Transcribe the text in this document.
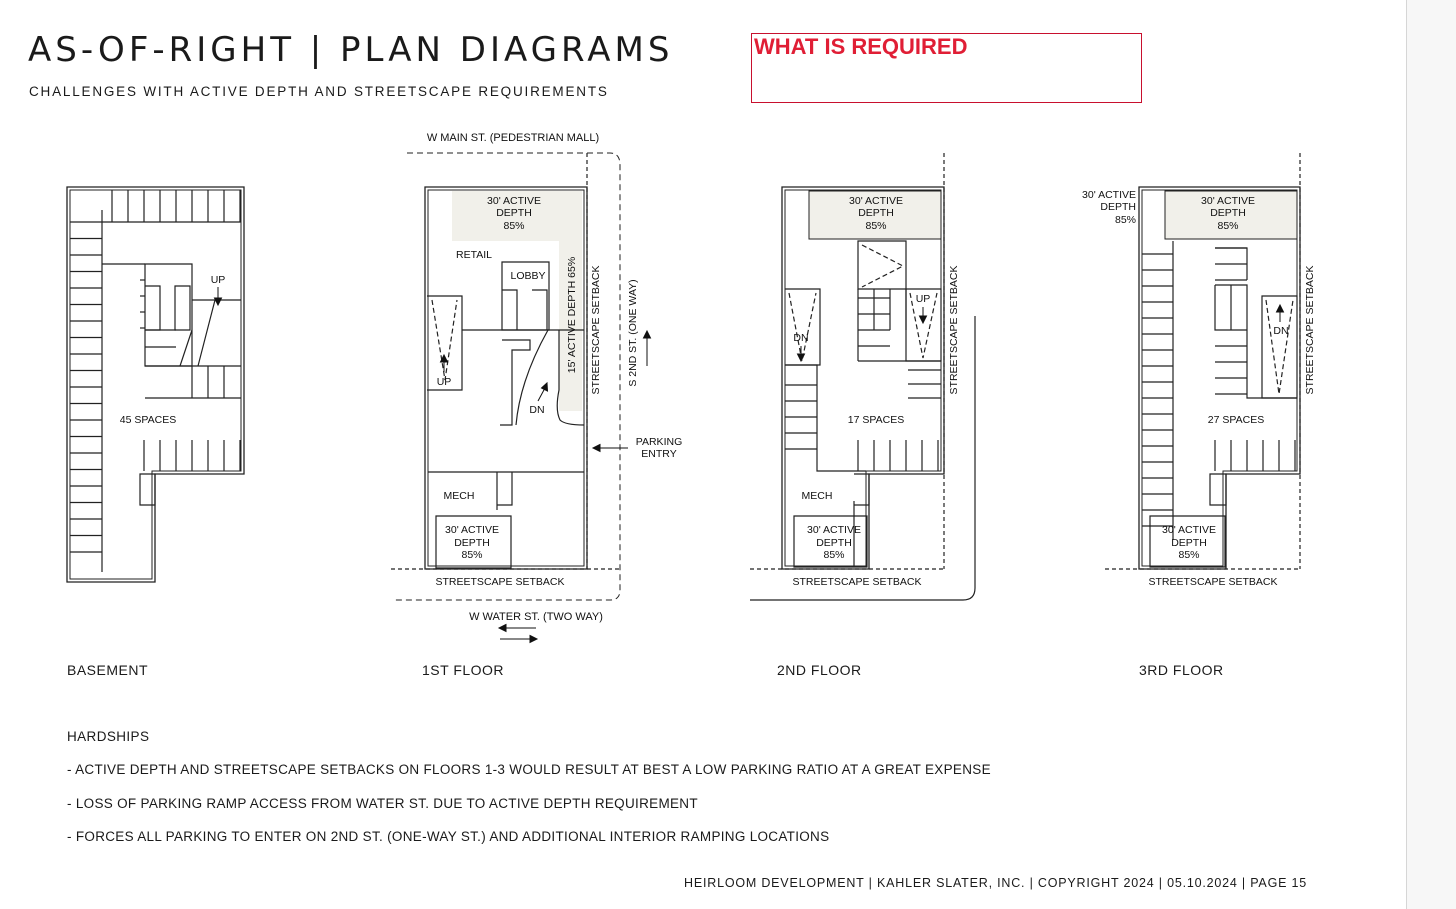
AS-OF-RIGHT | PLAN DIAGRAMS
CHALLENGES WITH ACTIVE DEPTH AND STREETSCAPE REQUIREMENTS
WHAT IS REQUIRED
45 SPACES
UP
W MAIN ST. (PEDESTRIAN MALL)
30' ACTIVE
DEPTH
85%
RETAIL
LOBBY
UP
DN
MECH
30' ACTIVE
DEPTH
85%
STREETSCAPE SETBACK
W WATER ST. (TWO WAY)
PARKING
ENTRY
15' ACTIVE DEPTH 65% STREETSCAPE SETBACK S 2ND ST. (ONE WAY)
30' ACTIVE
DEPTH
85%
DN
UP
17 SPACES
MECH
30' ACTIVE
DEPTH
85%
STREETSCAPE SETBACK
STREETSCAPE SETBACK
30' ACTIVE
DEPTH
85%
30' ACTIVE
DEPTH
85%
DN
27 SPACES
30' ACTIVE
DEPTH
85%
STREETSCAPE SETBACK
STREETSCAPE SETBACK
BASEMENT	1ST FLOOR	2ND FLOOR	3RD FLOOR
HARDSHIPS
- ACTIVE DEPTH AND STREETSCAPE SETBACKS ON FLOORS 1-3 WOULD RESULT AT BEST A LOW PARKING RATIO AT A GREAT EXPENSE
- LOSS OF PARKING RAMP ACCESS FROM WATER ST. DUE TO ACTIVE DEPTH REQUIREMENT
- FORCES ALL PARKING TO ENTER ON 2ND ST. (ONE-WAY ST.) AND ADDITIONAL INTERIOR RAMPING LOCATIONS
HEIRLOOM DEVELOPMENT | KAHLER SLATER, INC. | COPYRIGHT 2024 | 05.10.2024 | PAGE 15
